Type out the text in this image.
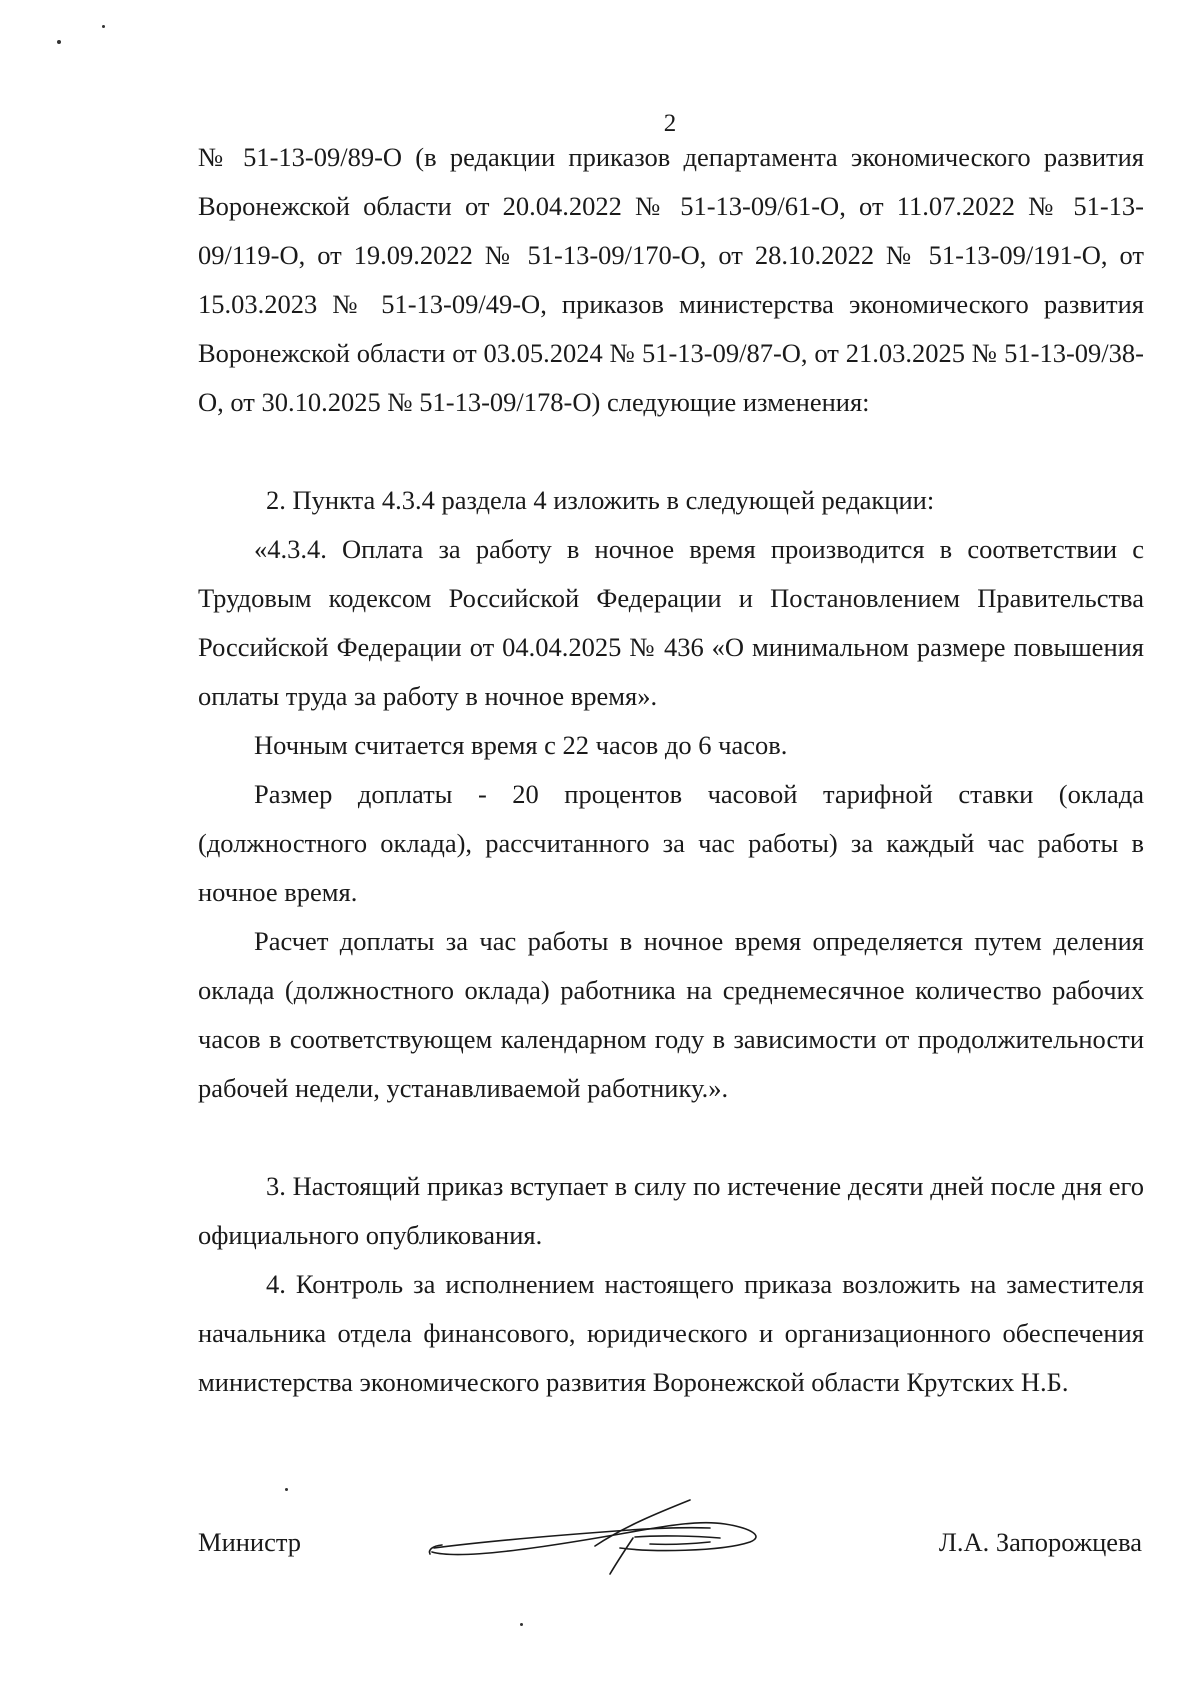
2

№ 51-13-09/89-О (в редакции приказов департамента экономического развития Воронежской области от 20.04.2022 № 51-13-09/61-О, от 11.07.2022 № 51-13-09/119-О, от 19.09.2022 № 51-13-09/170-О, от 28.10.2022 № 51-13-09/191-О, от 15.03.2023 № 51-13-09/49-О, приказов министерства экономического развития Воронежской области от 03.05.2024 № 51-13-09/87-О, от 21.03.2025 № 51-13-09/38-О, от 30.10.2025 № 51-13-09/178-О) следующие изменения:

2. Пункта 4.3.4 раздела 4 изложить в следующей редакции:

«4.3.4. Оплата за работу в ночное время производится в соответствии с Трудовым кодексом Российской Федерации и Постановлением Правительства Российской Федерации от 04.04.2025 № 436 «О минимальном размере повышения оплаты труда за работу в ночное время».

Ночным считается время с 22 часов до 6 часов.

Размер доплаты - 20 процентов часовой тарифной ставки (оклада (должностного оклада), рассчитанного за час работы) за каждый час работы в ночное время.

Расчет доплаты за час работы в ночное время определяется путем деления оклада (должностного оклада) работника на среднемесячное количество рабочих часов в соответствующем календарном году в зависимости от продолжительности рабочей недели, устанавливаемой работнику.».

3. Настоящий приказ вступает в силу по истечение десяти дней после дня его официального опубликования.

4. Контроль за исполнением настоящего приказа возложить на заместителя начальника отдела финансового, юридического и организационного обеспечения министерства экономического развития Воронежской области Крутских Н.Б.

Министр	Л.А. Запорожцева
